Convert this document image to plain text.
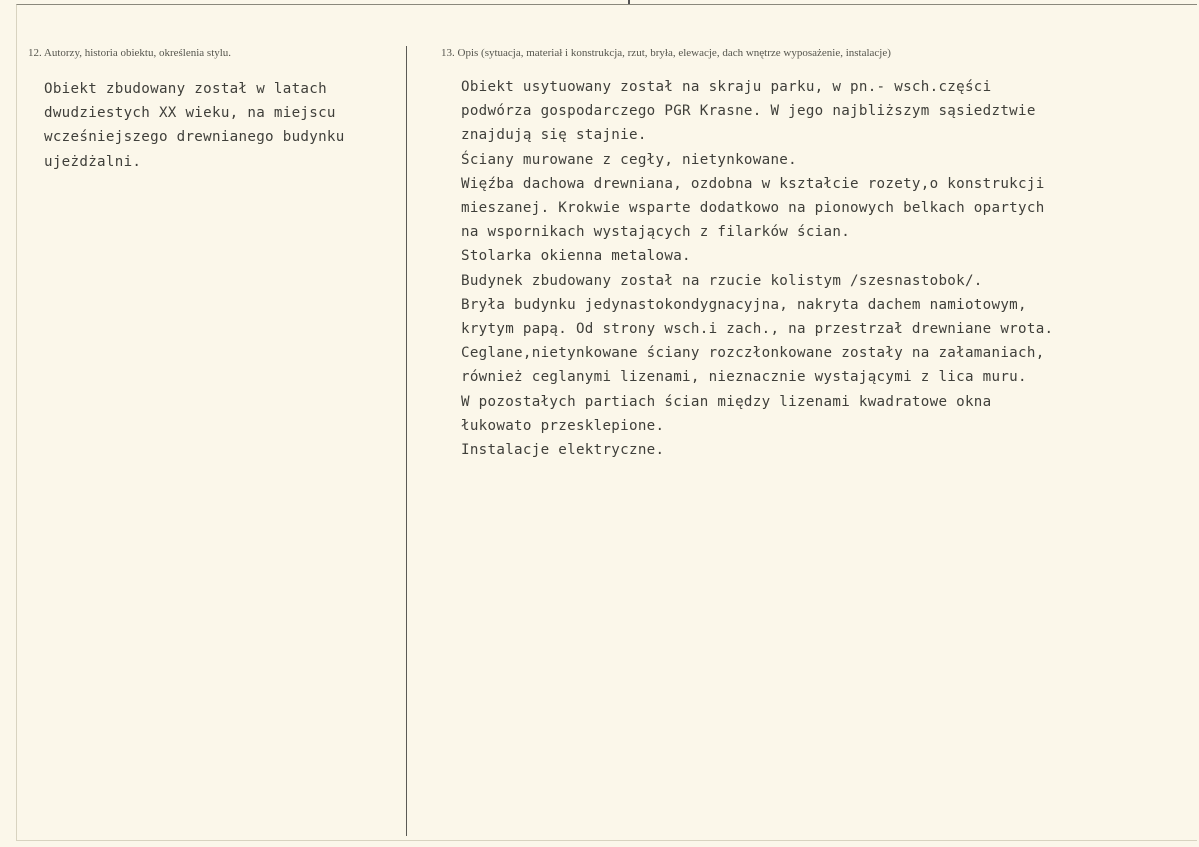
12. Autorzy, historia obiektu, określenia stylu.	13. Opis (sytuacja, materiał i konstrukcja, rzut, bryła, elewacje, dach wnętrze wyposażenie, instalacje)
Obiekt zbudowany został w latach
dwudziestych XX wieku, na miejscu
wcześniejszego drewnianego budynku
ujeżdżalni.
Obiekt usytuowany został na skraju parku, w pn.- wsch.części
podwórza gospodarczego PGR Krasne. W jego najbliższym sąsiedztwie
znajdują się stajnie.
Ściany murowane z cegły, nietynkowane.
Więźba dachowa drewniana, ozdobna w kształcie rozety,o konstrukcji
mieszanej. Krokwie wsparte dodatkowo na pionowych belkach opartych
na wspornikach wystających z filarków ścian.
Stolarka okienna metalowa.
Budynek zbudowany został na rzucie kolistym /szesnastobok/.
Bryła budynku jedynastokondygnacyjna, nakryta dachem namiotowym,
krytym papą. Od strony wsch.i zach., na przestrzał drewniane wrota.
Ceglane,nietynkowane ściany rozczłonkowane zostały na załamaniach,
również ceglanymi lizenami, nieznacznie wystającymi z lica muru.
W pozostałych partiach ścian między lizenami kwadratowe okna
łukowato przesklepione.
Instalacje elektryczne.
